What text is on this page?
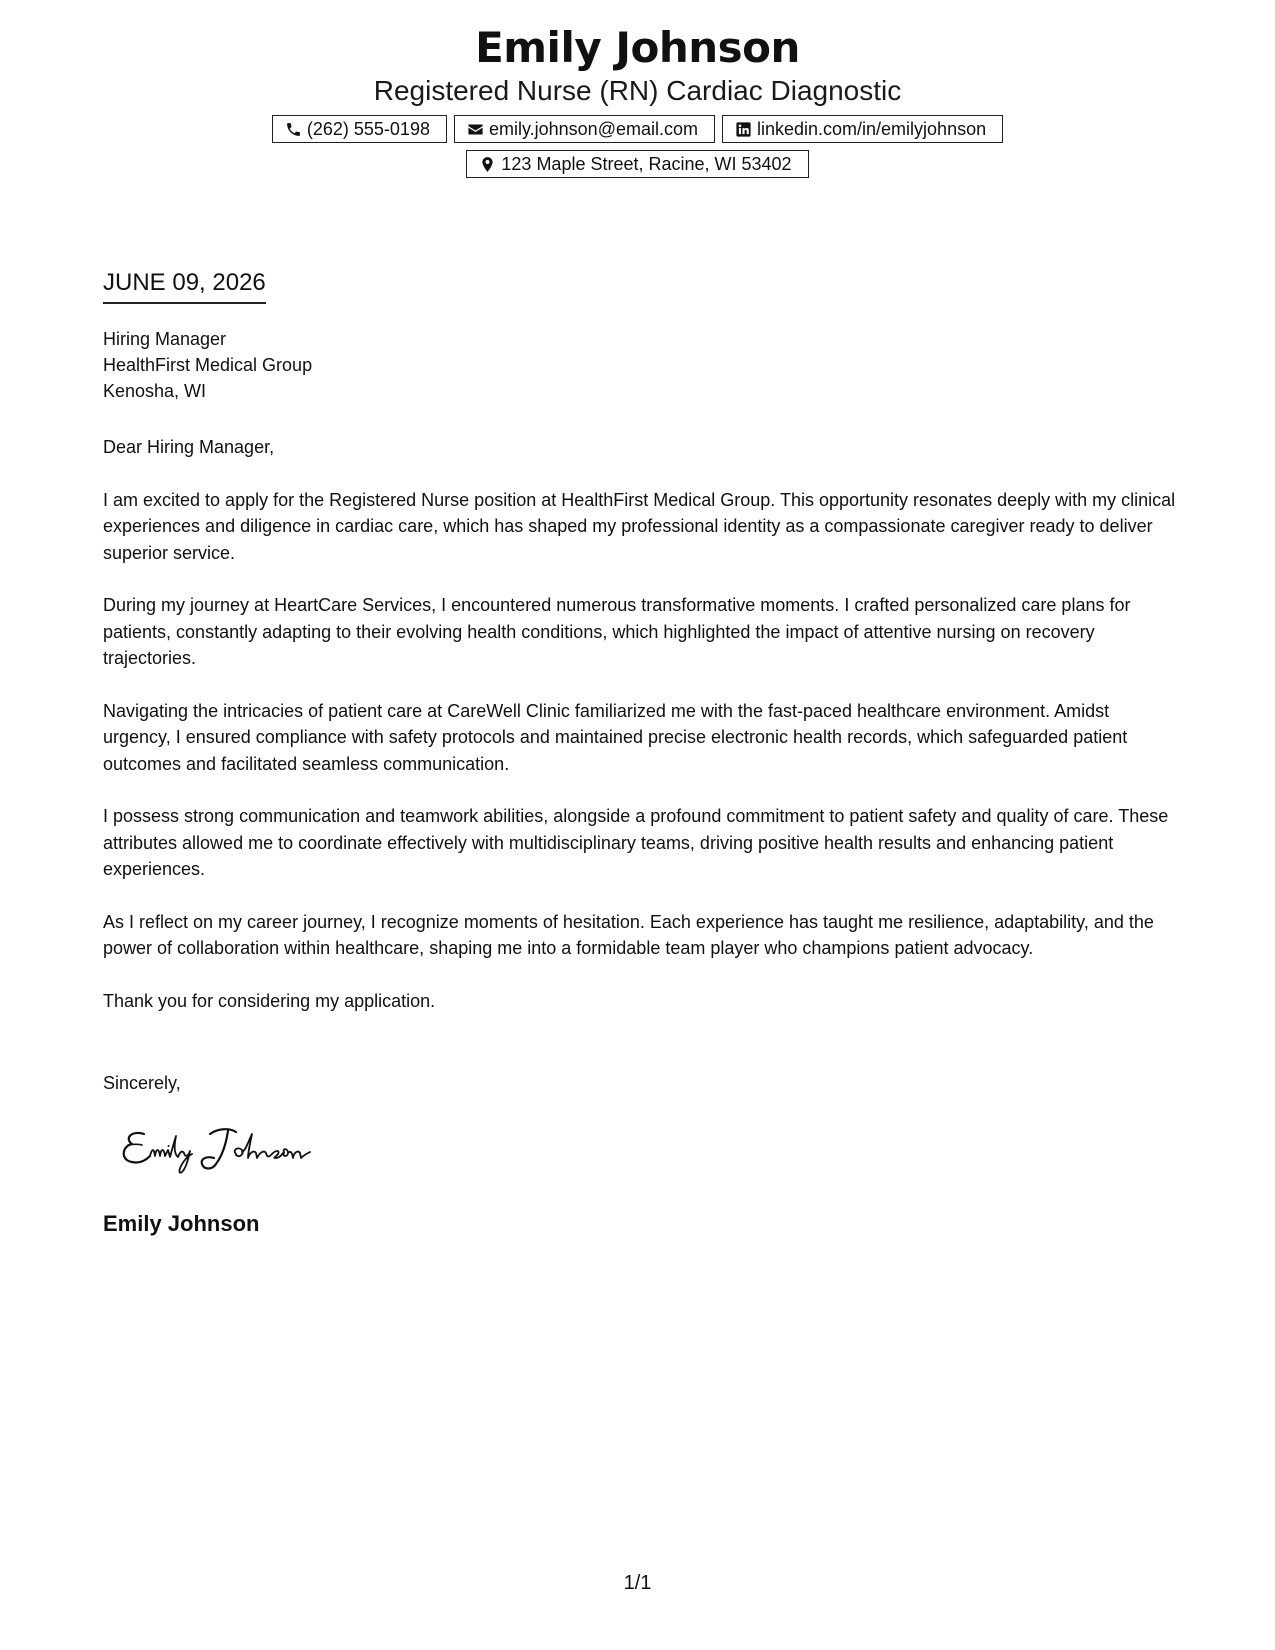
Emily Johnson
Registered Nurse (RN) Cardiac Diagnostic
(262) 555-0198	emily.johnson@email.com	linkedin.com/in/emilyjohnson
123 Maple Street, Racine, WI 53402
JUNE 09, 2026
Hiring Manager
HealthFirst Medical Group
Kenosha, WI

Dear Hiring Manager,

I am excited to apply for the Registered Nurse position at HealthFirst Medical Group. This opportunity resonates deeply with my clinical experiences and diligence in cardiac care, which has shaped my professional identity as a compassionate caregiver ready to deliver superior service.

During my journey at HeartCare Services, I encountered numerous transformative moments. I crafted personalized care plans for patients, constantly adapting to their evolving health conditions, which highlighted the impact of attentive nursing on recovery trajectories.

Navigating the intricacies of patient care at CareWell Clinic familiarized me with the fast-paced healthcare environment. Amidst urgency, I ensured compliance with safety protocols and maintained precise electronic health records, which safeguarded patient outcomes and facilitated seamless communication.

I possess strong communication and teamwork abilities, alongside a profound commitment to patient safety and quality of care. These attributes allowed me to coordinate effectively with multidisciplinary teams, driving positive health results and enhancing patient experiences.

As I reflect on my career journey, I recognize moments of hesitation. Each experience has taught me resilience, adaptability, and the power of collaboration within healthcare, shaping me into a formidable team player who champions patient advocacy.

Thank you for considering my application.

Sincerely,
Emily Johnson
1/1
